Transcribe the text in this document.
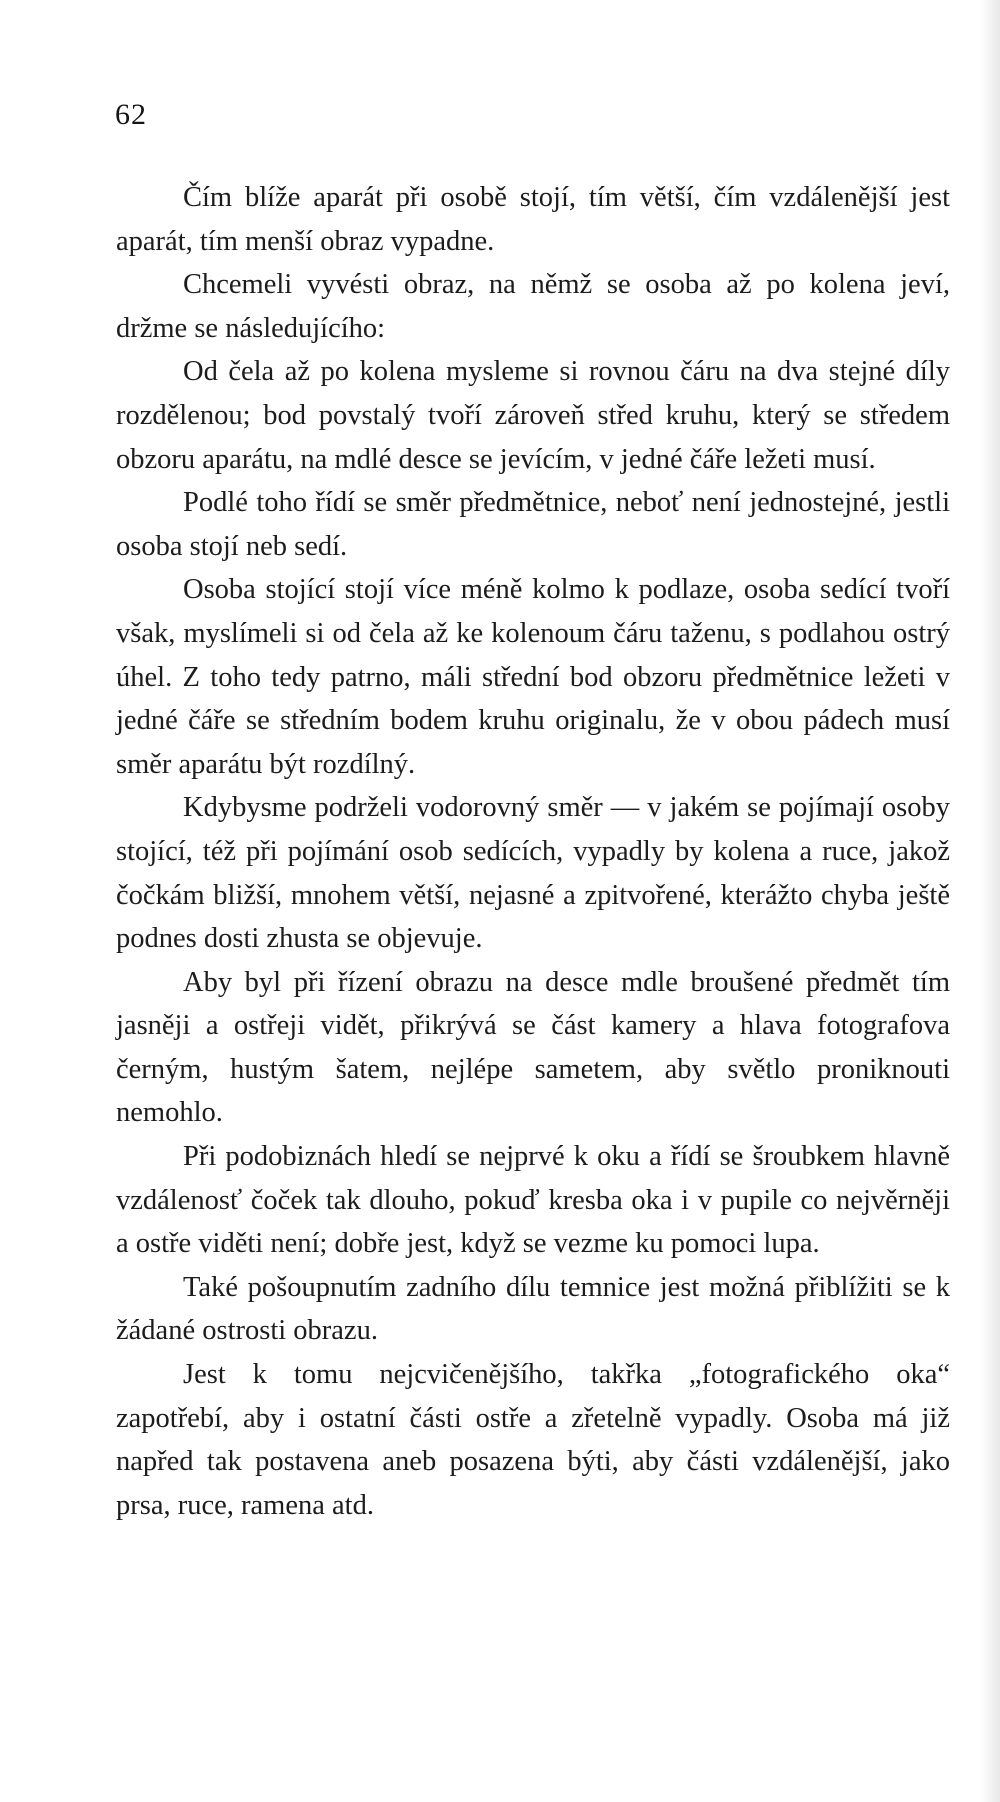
62

Čím blíže aparát při osobě stojí, tím větší, čím vzdálenější jest aparát, tím menší obraz vypadne.

Chcemeli vyvésti obraz, na němž se osoba až po kolena jeví, držme se následujícího:

Od čela až po kolena mysleme si rovnou čáru na dva stejné díly rozdělenou; bod povstalý tvoří zároveň střed kruhu, který se středem obzoru aparátu, na mdlé desce se jevícím, v jedné čáře ležeti musí.

Podlé toho řídí se směr předmětnice, neboť není jednostejné, jestli osoba stojí neb sedí.

Osoba stojící stojí více méně kolmo k podlaze, osoba sedící tvoří však, myslímeli si od čela až ke kolenoum čáru taženu, s podlahou ostrý úhel. Z toho tedy patrno, máli střední bod obzoru předmětnice ležeti v jedné čáře se středním bodem kruhu originalu, že v obou pádech musí směr aparátu být rozdílný.

Kdybysme podrželi vodorovný směr — v jakém se pojímají osoby stojící, též při pojímání osob sedících, vypadly by kolena a ruce, jakož čočkám bližší, mnohem větší, nejasné a zpitvořené, kterážto chyba ještě podnes dosti zhusta se objevuje.

Aby byl při řízení obrazu na desce mdle broušené předmět tím jasněji a ostřeji vidět, přikrývá se část kamery a hlava fotografova černým, hustým šatem, nejlépe sametem, aby světlo proniknouti nemohlo.

Při podobiznách hledí se nejprvé k oku a řídí se šroubkem hlavně vzdálenosť čoček tak dlouho, pokuď kresba oka i v pupile co nejvěrněji a ostře viděti není; dobře jest, když se vezme ku pomoci lupa.

Také pošoupnutím zadního dílu temnice jest možná přiblížiti se k žádané ostrosti obrazu.

Jest k tomu nejcvičenějšího, takřka „fotografického oka“ zapotřebí, aby i ostatní části ostře a zřetelně vypadly. Osoba má již napřed tak postavena aneb posazena býti, aby části vzdálenější, jako prsa, ruce, ramena atd.
